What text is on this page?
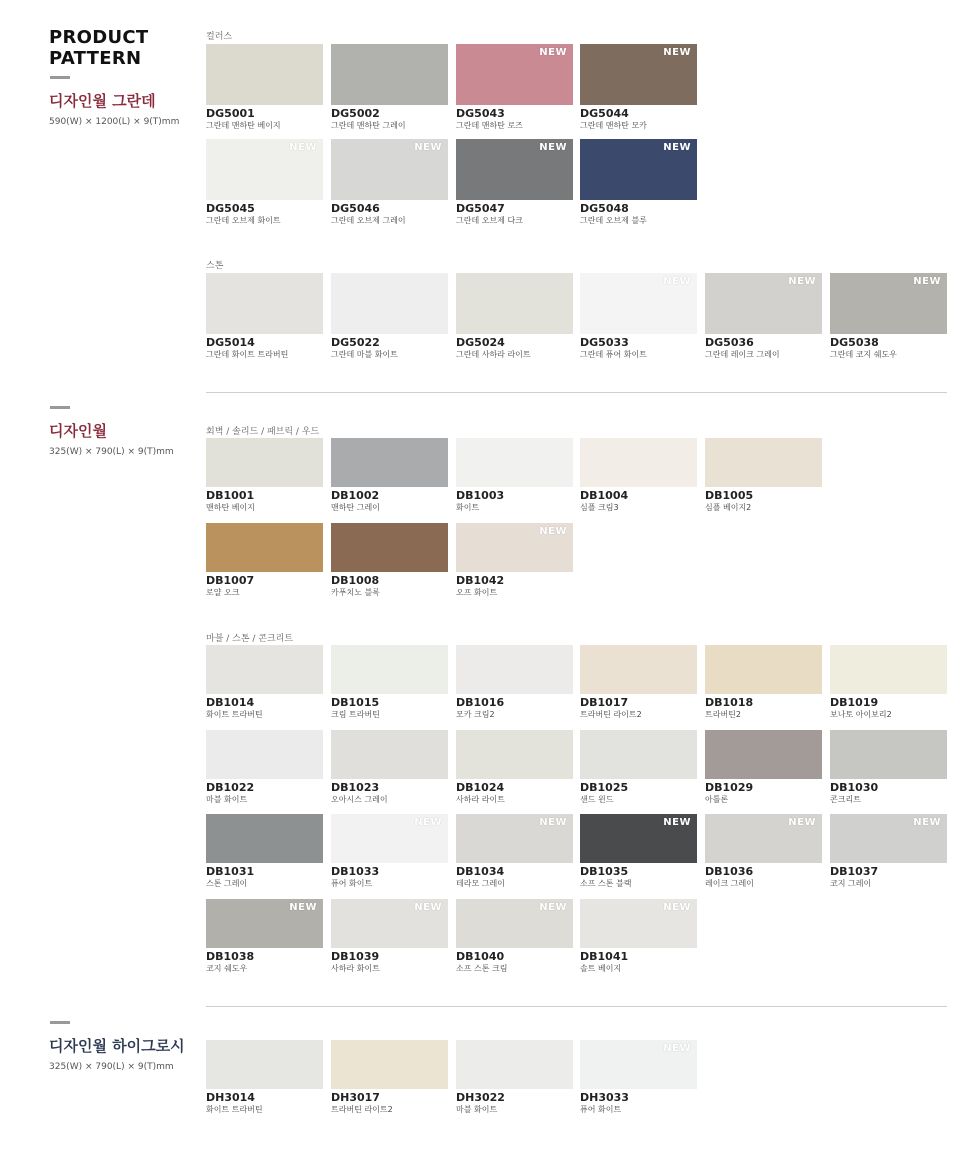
PRODUCT
PATTERN
디자인월 그란데
590(W) × 1200(L) × 9(T)mm
컬러스
DG5001
그란데 맨하탄 베이지
DG5002
그란데 맨하탄 그레이
NEW
DG5043
그란데 맨하탄 로즈
NEW
DG5044
그란데 맨하탄 모카
NEW
DG5045
그란데 오브제 화이트
NEW
DG5046
그란데 오브제 그레이
NEW
DG5047
그란데 오브제 다크
NEW
DG5048
그란데 오브제 블루
스톤
DG5014
그란데 화이트 트라버틴
DG5022
그란데 마블 화이트
DG5024
그란데 사하라 라이트
NEW
DG5033
그란데 퓨어 화이트
NEW
DG5036
그란데 레이크 그레이
NEW
DG5038
그란데 코지 쉐도우
디자인월
325(W) × 790(L) × 9(T)mm
회벽 / 솔리드 / 패브릭 / 우드
DB1001
맨하탄 베이지
DB1002
맨하탄 그레이
DB1003
화이트
DB1004
심플 크림3
DB1005
심플 베이지2
DB1007
로얄 오크
DB1008
카푸치노 블록
NEW
DB1042
오프 화이트
마블 / 스톤 / 콘크리트
DB1014
화이트 트라버틴
DB1015
크림 트라버틴
DB1016
모카 크림2
DB1017
트라버틴 라이트2
DB1018
트라버틴2
DB1019
보나토 아이보리2
DB1022
마블 화이트
DB1023
오아시스 그레이
DB1024
사하라 라이트
DB1025
샌드 윈드
DB1029
아틀론
DB1030
콘크리트
DB1031
스톤 그레이
NEW
DB1033
퓨어 화이트
NEW
DB1034
테라모 그레이
NEW
DB1035
소프 스톤 블랙
NEW
DB1036
레이크 그레이
NEW
DB1037
코지 그레이
NEW
DB1038
코지 쉐도우
NEW
DB1039
사하라 화이트
NEW
DB1040
소프 스톤 크림
NEW
DB1041
솔트 베이지
디자인월 하이그로시
325(W) × 790(L) × 9(T)mm
DH3014
화이트 트라버틴
DH3017
트라버틴 라이트2
DH3022
마블 화이트
NEW
DH3033
퓨어 화이트
